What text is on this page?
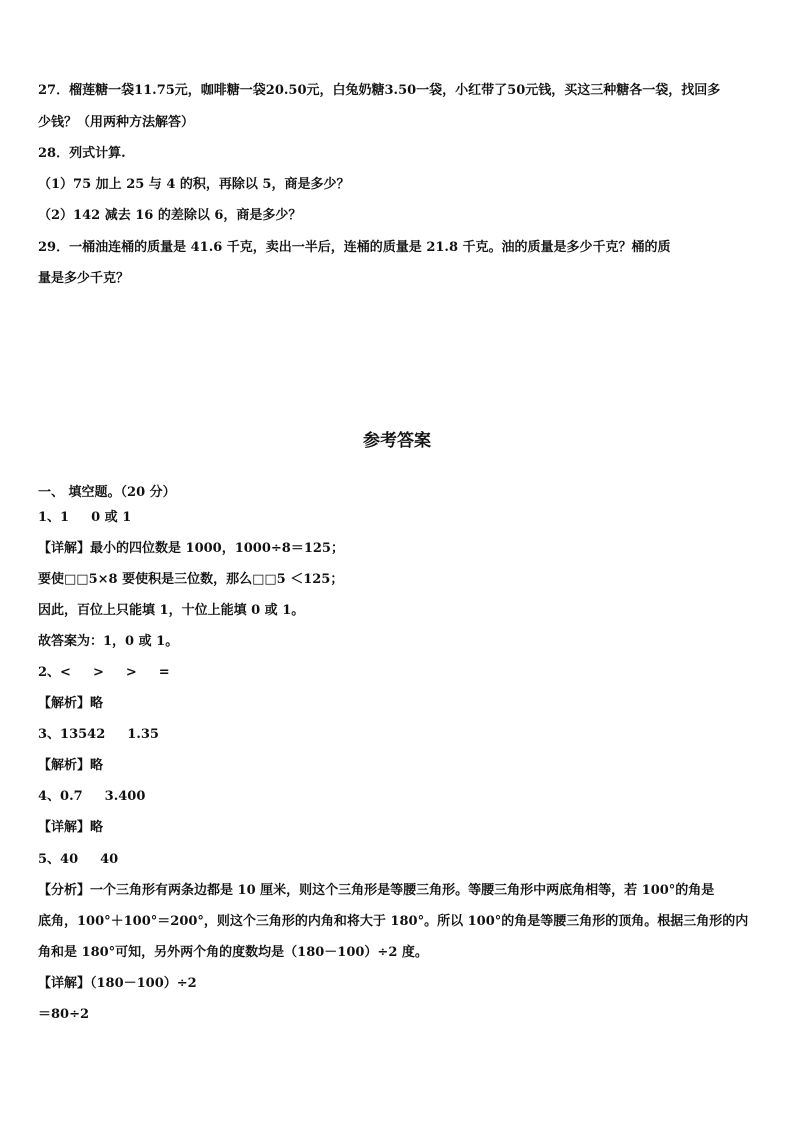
27．榴莲糖一袋11.75元，咖啡糖一袋20.50元，白兔奶糖3.50一袋，小红带了50元钱，买这三种糖各一袋，找回多
少钱？（用两种方法解答）
28．列式计算.
（1）75 加上 25 与 4 的积，再除以 5，商是多少？
（2）142 减去 16 的差除以 6，商是多少？
29．一桶油连桶的质量是 41.6 千克，卖出一半后，连桶的质量是 21.8 千克。油的质量是多少千克？桶的质
量是多少千克？
参考答案
一、 填空题。（20 分）
1、1 0 或 1
【详解】最小的四位数是 1000，1000÷8＝125；
要使□□5×8 要使积是三位数，那么□□5 ＜125；
因此，百位上只能填 1，十位上能填 0 或 1。
故答案为：1，0 或 1。
2、< > > =
【解析】略
3、13542 1.35
【解析】略
4、0.7 3.400
【详解】略
5、40 40
【分析】一个三角形有两条边都是 10 厘米，则这个三角形是等腰三角形。等腰三角形中两底角相等，若 100°的角是
底角，100°＋100°＝200°，则这个三角形的内角和将大于 180°。所以 100°的角是等腰三角形的顶角。根据三角形的内
角和是 180°可知，另外两个角的度数均是（180－100）÷2 度。
【详解】（180－100）÷2
＝80÷2
